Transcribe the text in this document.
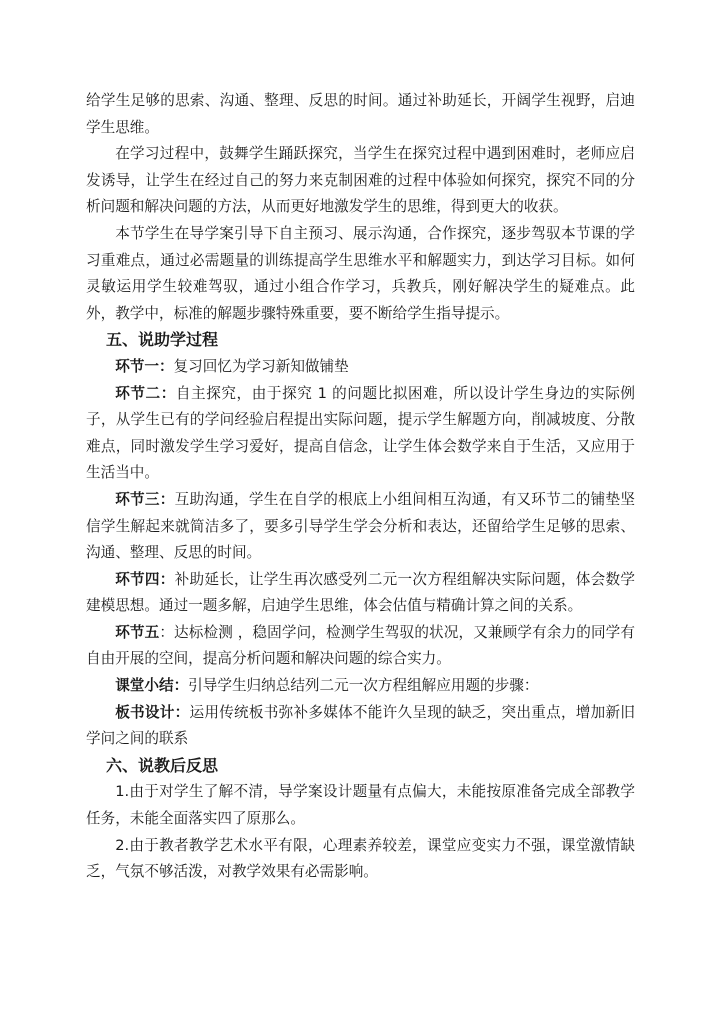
给学生足够的思索、沟通、整理、反思的时间。通过补助延长，开阔学生视野，启迪学生思维。

在学习过程中，鼓舞学生踊跃探究，当学生在探究过程中遇到困难时，老师应启发诱导，让学生在经过自己的努力来克制困难的过程中体验如何探究，探究不同的分析问题和解决问题的方法，从而更好地激发学生的思维，得到更大的收获。

本节学生在导学案引导下自主预习、展示沟通，合作探究，逐步驾驭本节课的学习重难点，通过必需题量的训练提高学生思维水平和解题实力，到达学习目标。如何灵敏运用学生较难驾驭，通过小组合作学习，兵教兵，刚好解决学生的疑难点。此外，教学中，标准的解题步骤特殊重要，要不断给学生指导提示。

五、说助学过程

环节一：复习回忆为学习新知做铺垫

环节二：自主探究，由于探究 1 的问题比拟困难，所以设计学生身边的实际例子，从学生已有的学问经验启程提出实际问题，提示学生解题方向，削减坡度、分散难点，同时激发学生学习爱好，提高自信念，让学生体会数学来自于生活，又应用于生活当中。

环节三：互助沟通，学生在自学的根底上小组间相互沟通，有又环节二的铺垫坚信学生解起来就简洁多了，要多引导学生学会分析和表达，还留给学生足够的思索、沟通、整理、反思的时间。

环节四：补助延长，让学生再次感受列二元一次方程组解决实际问题，体会数学建模思想。通过一题多解，启迪学生思维，体会估值与精确计算之间的关系。

环节五：达标检测 ，稳固学问，检测学生驾驭的状况，又兼顾学有余力的同学有自由开展的空间，提高分析问题和解决问题的综合实力。

课堂小结：引导学生归纳总结列二元一次方程组解应用题的步骤：

板书设计：运用传统板书弥补多媒体不能许久呈现的缺乏，突出重点，增加新旧学问之间的联系

六、说教后反思

1.由于对学生了解不清，导学案设计题量有点偏大，未能按原准备完成全部教学任务，未能全面落实四了原那么。

2.由于教者教学艺术水平有限，心理素养较差，课堂应变实力不强，课堂激情缺乏，气氛不够活泼，对教学效果有必需影响。
